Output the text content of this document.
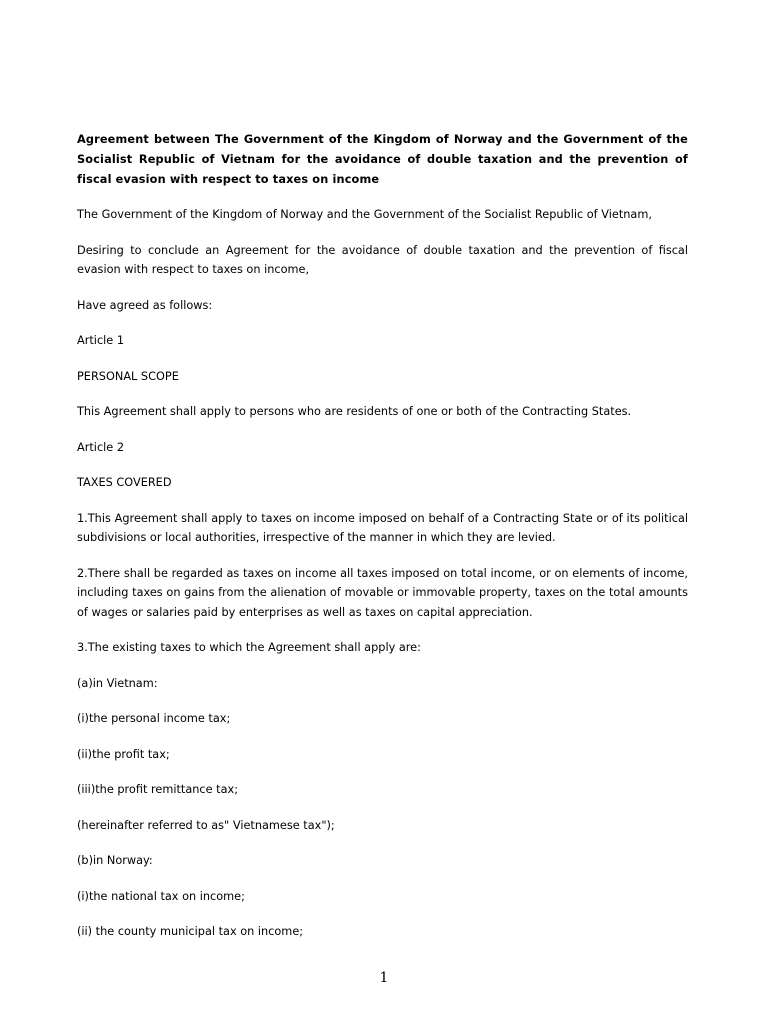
Agreement between The Government of the Kingdom of Norway and the Government of the Socialist Republic of Vietnam for the avoidance of double taxation and the prevention of fiscal evasion with respect to taxes on income

The Government of the Kingdom of Norway and the Government of the Socialist Republic of Vietnam,

Desiring to conclude an Agreement for the avoidance of double taxation and the prevention of fiscal evasion with respect to taxes on income,

Have agreed as follows:

Article 1

PERSONAL SCOPE

This Agreement shall apply to persons who are residents of one or both of the Contracting States.

Article 2

TAXES COVERED

1.This Agreement shall apply to taxes on income imposed on behalf of a Contracting State or of its political subdivisions or local authorities, irrespective of the manner in which they are levied.

2.There shall be regarded as taxes on income all taxes imposed on total income, or on elements of income, including taxes on gains from the alienation of movable or immovable property, taxes on the total amounts of wages or salaries paid by enterprises as well as taxes on capital appreciation.

3.The existing taxes to which the Agreement shall apply are:

(a)in Vietnam:

(i)the personal income tax;

(ii)the profit tax;

(iii)the profit remittance tax;

(hereinafter referred to as" Vietnamese tax");

(b)in Norway:

(i)the national tax on income;

(ii) the county municipal tax on income;

1
